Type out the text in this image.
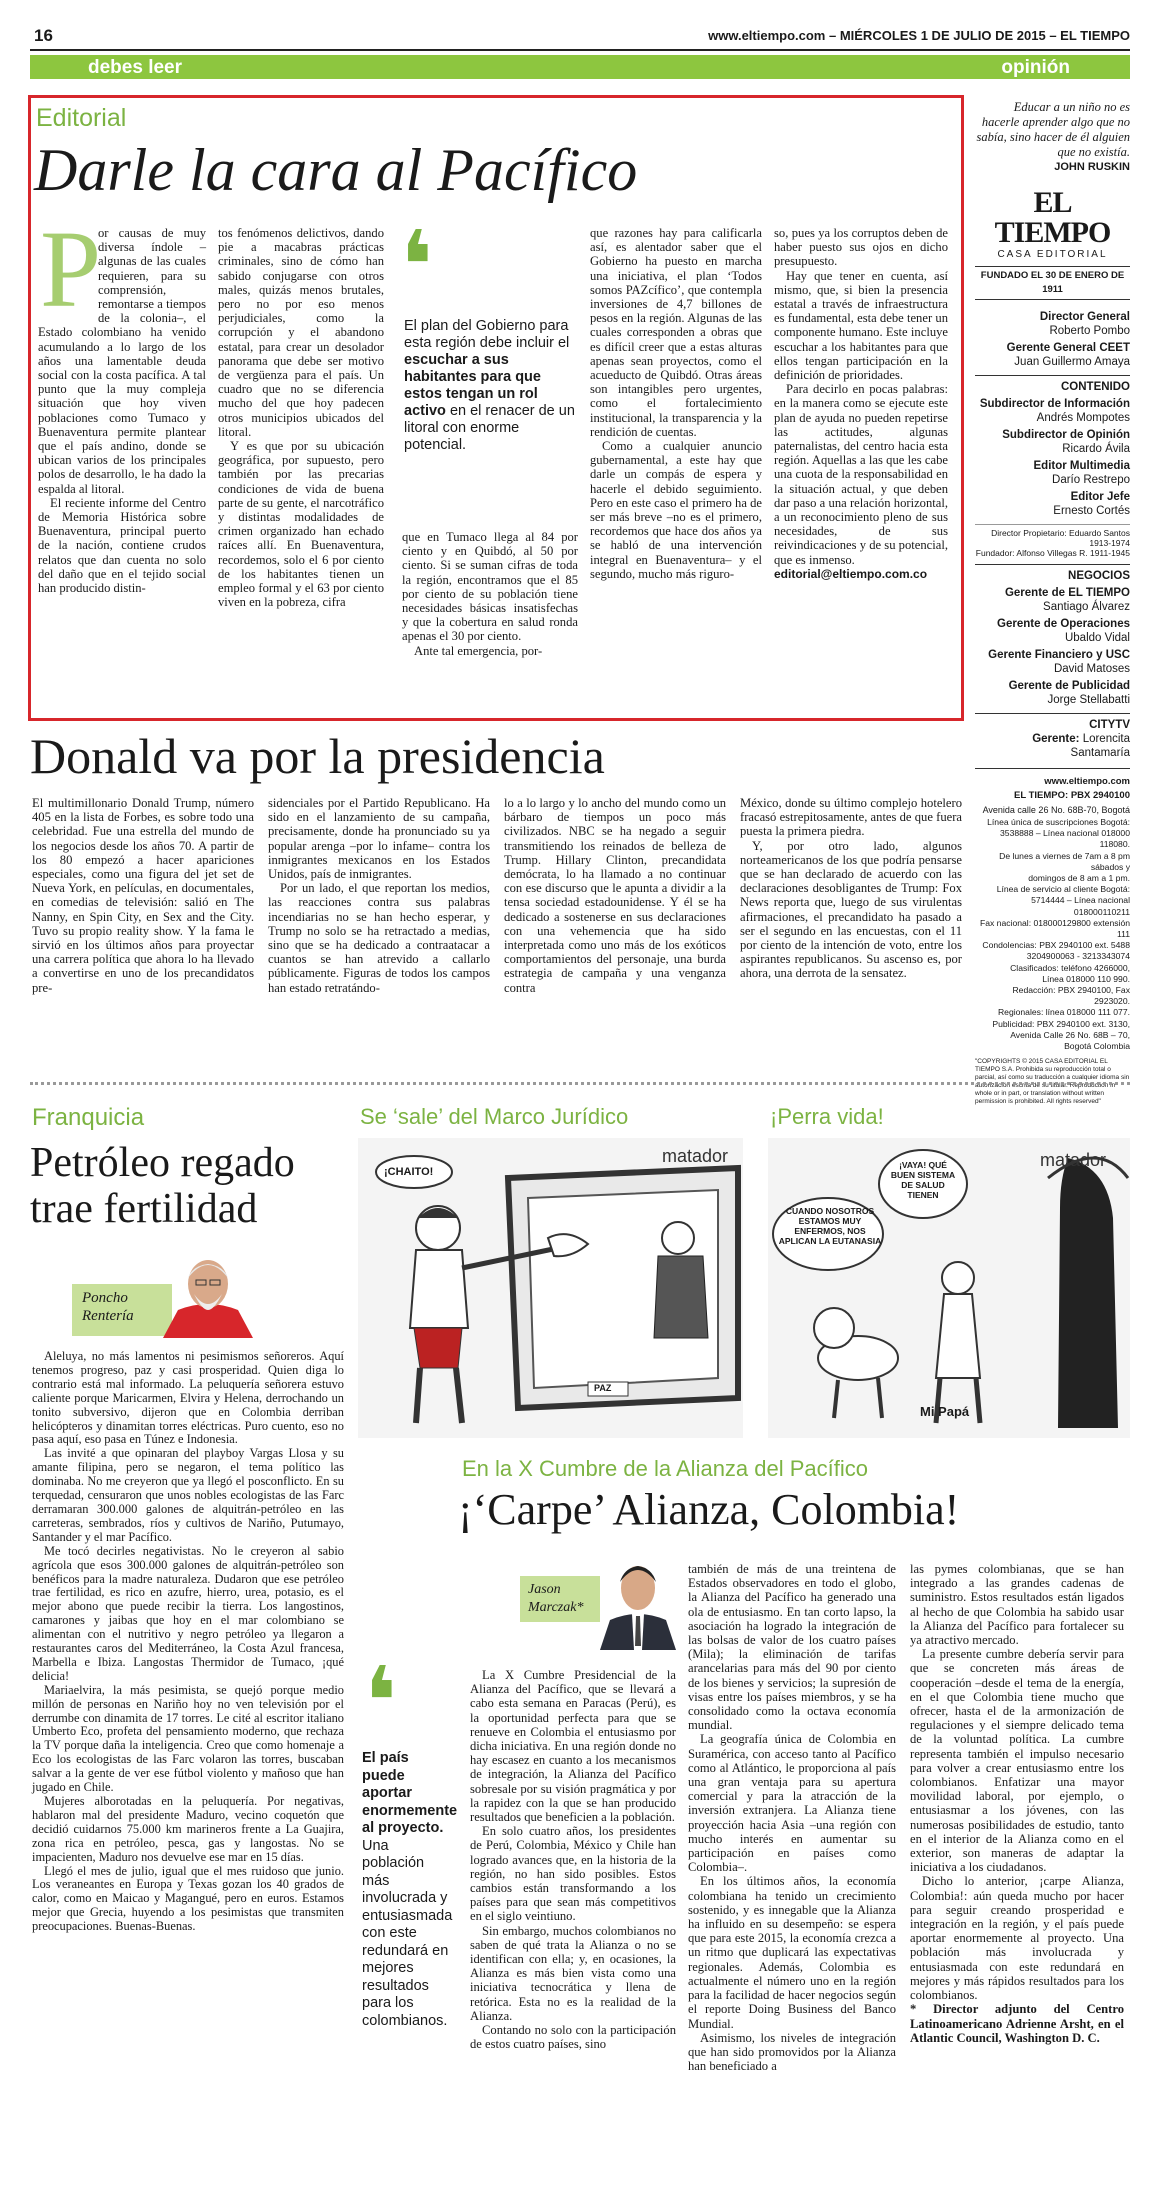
16	www.eltiempo.com – MIÉRCOLES 1 DE JULIO DE 2015 – EL TIEMPO
debes leer	opinión
Editorial
Darle la cara al Pacífico
P
or causas de muy diversa índole –algunas de las cuales requieren, para su comprensión, remontarse a tiempos de la colonia–, el Estado colombiano ha venido acumulando a lo largo de los años una lamentable deuda social con la costa pacífica. A tal punto que la muy compleja situación que hoy viven poblaciones como Tumaco y Buenaventura permite plantear que el país andino, donde se ubican varios de los principales polos de desarrollo, le ha dado la espalda al litoral.

El reciente informe del Centro de Memoria Histórica sobre Buenaventura, principal puerto de la nación, contiene crudos relatos que dan cuenta no solo del daño que en el tejido social han producido distin-

tos fenómenos delictivos, dando pie a macabras prácticas criminales, sino de cómo han sabido conjugarse con otros males, quizás menos brutales, pero no por eso menos perjudiciales, como la corrupción y el abandono estatal, para crear un desolador panorama que debe ser motivo de vergüenza para el país. Un cuadro que no se diferencia mucho del que hoy padecen otros municipios ubicados del litoral.

Y es que por su ubicación geográfica, por supuesto, pero también por las precarias condiciones de vida de buena parte de su gente, el narcotráfico y distintas modalidades de crimen organizado han echado raíces allí. En Buenaventura, recordemos, solo el 6 por ciento de los habitantes tienen un empleo formal y el 63 por ciento viven en la pobreza, cifra

❛
El plan del Gobierno para esta región debe incluir el escuchar a sus habitantes para que estos tengan un rol activo en el renacer de un litoral con enorme potencial.
que en Tumaco llega al 84 por ciento y en Quibdó, al 50 por ciento. Si se suman cifras de toda la región, encontramos que el 85 por ciento de su población tiene necesidades básicas insatisfechas y que la cobertura en salud ronda apenas el 30 por ciento.

Ante tal emergencia, por-

que razones hay para calificarla así, es alentador saber que el Gobierno ha puesto en marcha una iniciativa, el plan ‘Todos somos PAZcífico’, que contempla inversiones de 4,7 billones de pesos en la región. Algunas de las cuales corresponden a obras que es difícil creer que a estas alturas apenas sean proyectos, como el acueducto de Quibdó. Otras áreas son intangibles pero urgentes, como el fortalecimiento institucional, la transparencia y la rendición de cuentas.

Como a cualquier anuncio gubernamental, a este hay que darle un compás de espera y hacerle el debido seguimiento. Pero en este caso el primero ha de ser más breve –no es el primero, recordemos que hace dos años ya se habló de una intervención integral en Buenaventura– y el segundo, mucho más riguro-

so, pues ya los corruptos deben de haber puesto sus ojos en dicho presupuesto.

Hay que tener en cuenta, así mismo, que, si bien la presencia estatal a través de infraestructura es fundamental, esta debe tener un componente humano. Este incluye escuchar a los habitantes para que ellos tengan participación en la definición de prioridades.

Para decirlo en pocas palabras: en la manera como se ejecute este plan de ayuda no pueden repetirse las actitudes, algunas paternalistas, del centro hacia esta región. Aquellas a las que les cabe una cuota de la responsabilidad en la situación actual, y que deben dar paso a una relación horizontal, a un reconocimiento pleno de sus necesidades, de sus reivindicaciones y de su potencial, que es inmenso.

editorial@eltiempo.com.co
Educar a un niño no es hacerle aprender algo que no sabía, sino hacer de él alguien que no existía.
JOHN RUSKIN
EL TIEMPO
CASA EDITORIAL
FUNDADO EL 30 DE ENERO DE 1911
Director General
Roberto Pombo
Gerente General CEET
Juan Guillermo Amaya
CONTENIDO
Subdirector de Información
Andrés Mompotes
Subdirector de Opinión
Ricardo Ávila
Editor Multimedia
Darío Restrepo
Editor Jefe
Ernesto Cortés
Director Propietario: Eduardo Santos 1913-1974
Fundador: Alfonso Villegas R. 1911-1945
NEGOCIOS
Gerente de EL TIEMPO
Santiago Álvarez
Gerente de Operaciones
Ubaldo Vidal
Gerente Financiero y USC
David Matoses
Gerente de Publicidad
Jorge Stellabatti
CITYTV
Gerente: Lorencita Santamaría
www.eltiempo.com
EL TIEMPO: PBX 2940100
Avenida calle 26 No. 68B-70, Bogotá
Línea única de suscripciones Bogotá:
3538888 – Línea nacional 018000 118080.
De lunes a viernes de 7am a 8 pm sábados y
domingos de 8 am a 1 pm.
Línea de servicio al cliente Bogotá:
5714444 – Línea nacional 018000110211
Fax nacional: 018000129800 extensión 111
Condolencias: PBX 2940100 ext. 5488
3204900063 - 3213343074
Clasificados: teléfono 4266000,
Línea 018000 110 990.
Redacción: PBX 2940100, Fax 2923020.
Regionales: línea 018000 111 077.
Publicidad: PBX 2940100 ext. 3130,
Avenida Calle 26 No. 68B – 70,
Bogotá Colombia
"COPYRIGHTS © 2015 CASA EDITORIAL EL TIEMPO S.A. Prohibida su reproducción total o parcial, así como su traducción a cualquier idioma sin autorización escrita de su titular. Reproduction in whole or in part, or translation without written permission is prohibited. All rights reserved"
Donald va por la presidencia
El multimillonario Donald Trump, número 405 en la lista de Forbes, es sobre todo una celebridad. Fue una estrella del mundo de los negocios desde los años 70. A partir de los 80 empezó a hacer apariciones especiales, como una figura del jet set de Nueva York, en películas, en documentales, en comedias de televisión: salió en The Nanny, en Spin City, en Sex and the City. Tuvo su propio reality show. Y la fama le sirvió en los últimos años para proyectar una carrera política que ahora lo ha llevado a convertirse en uno de los precandidatos pre-
sidenciales por el Partido Republicano. Ha sido en el lanzamiento de su campaña, precisamente, donde ha pronunciado su ya popular arenga –por lo infame– contra los inmigrantes mexicanos en los Estados Unidos, país de inmigrantes.

Por un lado, el que reportan los medios, las reacciones contra sus palabras incendiarias no se han hecho esperar, y Trump no solo se ha retractado a medias, sino que se ha dedicado a contraatacar a cuantos se han atrevido a callarlo públicamente. Figuras de todos los campos han estado retratándo-

lo a lo largo y lo ancho del mundo como un bárbaro de tiempos un poco más civilizados. NBC se ha negado a seguir transmitiendo los reinados de belleza de Trump. Hillary Clinton, precandidata demócrata, lo ha llamado a no continuar con ese discurso que le apunta a dividir a la tensa sociedad estadounidense. Y él se ha dedicado a sostenerse en sus declaraciones con una vehemencia que ha sido interpretada como uno más de los exóticos comportamientos del personaje, una burda estrategia de campaña y una venganza contra
México, donde su último complejo hotelero fracasó estrepitosamente, antes de que fuera puesta la primera piedra.

Y, por otro lado, algunos norteamericanos de los que podría pensarse que se han declarado de acuerdo con las declaraciones desobligantes de Trump: Fox News reporta que, luego de sus virulentas afirmaciones, el precandidato ha pasado a ser el segundo en las encuestas, con el 11 por ciento de la intención de voto, entre los aspirantes republicanos. Su ascenso es, por ahora, una derrota de la sensatez.

Franquicia
Petróleo regado
trae fertilidad
Poncho
Rentería

Aleluya, no más lamentos ni pesimismos señoreros. Aquí tenemos progreso, paz y casi prosperidad. Quien diga lo contrario está mal informado. La peluquería señorera estuvo caliente porque Maricarmen, Elvira y Helena, derrochando un tonito subversivo, dijeron que en Colombia derriban helicópteros y dinamitan torres eléctricas. Puro cuento, eso no pasa aquí, eso pasa en Túnez e Indonesia.

Las invité a que opinaran del playboy Vargas Llosa y su amante filipina, pero se negaron, el tema político las dominaba. No me creyeron que ya llegó el posconflicto. En su terquedad, censuraron que unos nobles ecologistas de las Farc derramaran 300.000 galones de alquitrán-petróleo en las carreteras, sembrados, ríos y cultivos de Nariño, Putumayo, Santander y el mar Pacífico.

Me tocó decirles negativistas. No le creyeron al sabio agrícola que esos 300.000 galones de alquitrán-petróleo son benéficos para la madre naturaleza. Dudaron que ese petróleo trae fertilidad, es rico en azufre, hierro, urea, potasio, es el mejor abono que puede recibir la tierra. Los langostinos, camarones y jaibas que hoy en el mar colombiano se alimentan con el nutritivo y negro petróleo ya llegaron a restaurantes caros del Mediterráneo, la Costa Azul francesa, Marbella e Ibiza. Langostas Thermidor de Tumaco, ¡qué delicia!

Mariaelvira, la más pesimista, se quejó porque medio millón de personas en Nariño hoy no ven televisión por el derrumbe con dinamita de 17 torres. Le cité al escritor italiano Umberto Eco, profeta del pensamiento moderno, que rechaza la TV porque daña la inteligencia. Creo que como homenaje a Eco los ecologistas de las Farc volaron las torres, buscaban salvar a la gente de ver ese fútbol violento y mañoso que han jugado en Chile.

Mujeres alborotadas en la peluquería. Por negativas, hablaron mal del presidente Maduro, vecino coquetón que decidió cuidarnos 75.000 km marineros frente a La Guajira, zona rica en petróleo, pesca, gas y langostas. No se impacienten, Maduro nos devuelve ese mar en 15 días.

Llegó el mes de julio, igual que el mes ruidoso que junio. Los veraneantes en Europa y Texas gozan los 40 grados de calor, como en Maicao y Magangué, pero en euros. Estamos mejor que Grecia, huyendo a los pesimistas que transmiten preocupaciones. Buenas-Buenas.

Se ‘sale’ del Marco Jurídico
¡CHAITO!
matador
PAZ
¡Perra vida!
CUANDO NOSOTROS ESTAMOS MUY ENFERMOS, NOS APLICAN LA EUTANASIA
¡VAYA! QUÉ BUEN SISTEMA DE SALUD TIENEN
matador
Mi Papá
En la X Cumbre de la Alianza del Pacífico
¡‘Carpe’ Alianza, Colombia!
Jason
Marczak*
❛
El país puede aportar enormemente al proyecto. Una población más involucrada y entusiasmada con este redundará en mejores resultados para los colombianos.

La X Cumbre Presidencial de la Alianza del Pacífico, que se llevará a cabo esta semana en Paracas (Perú), es la oportunidad perfecta para que se renueve en Colombia el entusiasmo por dicha iniciativa. En una región donde no hay escasez en cuanto a los mecanismos de integración, la Alianza del Pacífico sobresale por su visión pragmática y por la rapidez con la que se han producido resultados que beneficien a la población.

En solo cuatro años, los presidentes de Perú, Colombia, México y Chile han logrado avances que, en la historia de la región, no han sido posibles. Estos cambios están transformando a los países para que sean más competitivos en el siglo veintiuno.

Sin embargo, muchos colombianos no saben de qué trata la Alianza o no se identifican con ella; y, en ocasiones, la Alianza es más bien vista como una iniciativa tecnocrática y llena de retórica. Esta no es la realidad de la Alianza.

Contando no solo con la participación de estos cuatro países, sino

también de más de una treintena de Estados observadores en todo el globo, la Alianza del Pacífico ha generado una ola de entusiasmo. En tan corto lapso, la asociación ha logrado la integración de las bolsas de valor de los cuatro países (Mila); la eliminación de tarifas arancelarias para más del 90 por ciento de los bienes y servicios; la supresión de visas entre los países miembros, y se ha consolidado como la octava economía mundial.

La geografía única de Colombia en Suramérica, con acceso tanto al Pacífico como al Atlántico, le proporciona al país una gran ventaja para su apertura comercial y para la atracción de la inversión extranjera. La Alianza tiene proyección hacia Asia –una región con mucho interés en aumentar su participación en países como Colombia–.

En los últimos años, la economía colombiana ha tenido un crecimiento sostenido, y es innegable que la Alianza ha influido en su desempeño: se espera que para este 2015, la economía crezca a un ritmo que duplicará las expectativas regionales. Además, Colombia es actualmente el número uno en la región para la facilidad de hacer negocios según el reporte Doing Business del Banco Mundial.

Asimismo, los niveles de integración que han sido promovidos por la Alianza han beneficiado a

las pymes colombianas, que se han integrado a las grandes cadenas de suministro. Estos resultados están ligados al hecho de que Colombia ha sabido usar la Alianza del Pacífico para fortalecer su ya atractivo mercado.

La presente cumbre debería servir para que se concreten más áreas de cooperación –desde el tema de la energía, en el que Colombia tiene mucho que ofrecer, hasta el de la armonización de regulaciones y el siempre delicado tema de la voluntad política. La cumbre representa también el impulso necesario para volver a crear entusiasmo entre los colombianos. Enfatizar una mayor movilidad laboral, por ejemplo, o entusiasmar a los jóvenes, con las numerosas posibilidades de estudio, tanto en el interior de la Alianza como en el exterior, son maneras de adaptar la iniciativa a los ciudadanos.

Dicho lo anterior, ¡carpe Alianza, Colombia!: aún queda mucho por hacer para seguir creando prosperidad e integración en la región, y el país puede aportar enormemente al proyecto. Una población más involucrada y entusiasmada con este redundará en mejores y más rápidos resultados para los colombianos.

* Director adjunto del Centro Latinoamericano Adrienne Arsht, en el Atlantic Council, Washington D. C.
